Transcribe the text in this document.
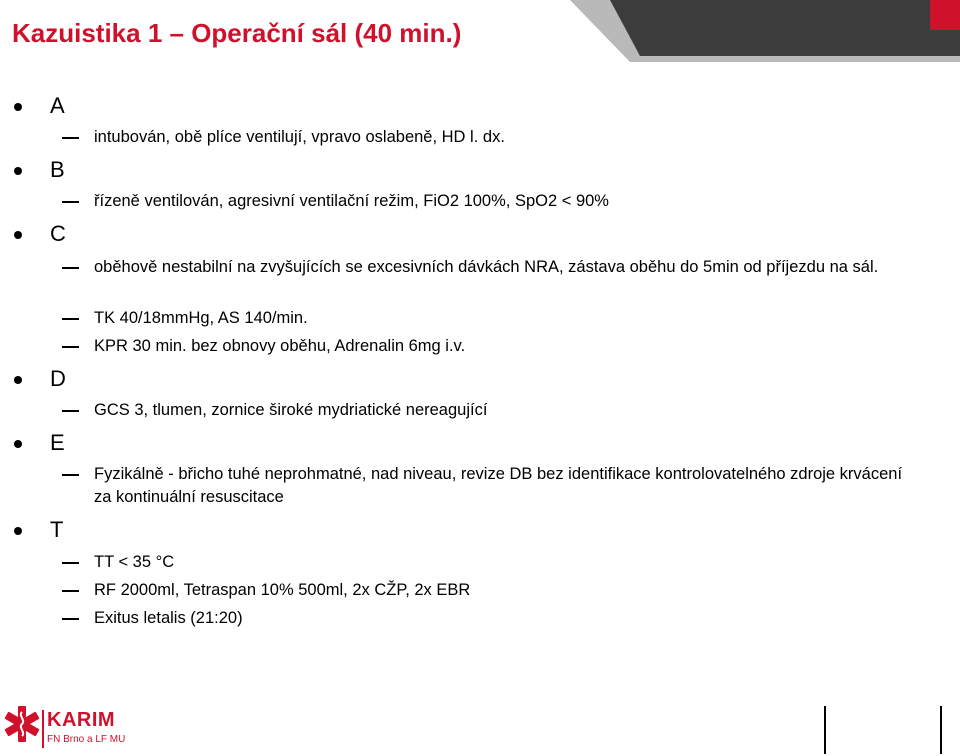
Kazuistika 1 – Operační sál (40 min.)
A
intubován, obě plíce ventilují, vpravo oslabeně, HD l. dx.
B
řízeně ventilován, agresivní ventilační režim, FiO2 100%, SpO2 < 90%
C
oběhově nestabilní na zvyšujících se excesivních dávkách NRA, zástava oběhu do 5min od příjezdu na sál.
TK 40/18mmHg, AS 140/min.
KPR 30 min. bez obnovy oběhu, Adrenalin 6mg i.v.
D
GCS 3, tlumen, zornice široké mydriatické nereagující
E
Fyzikálně - břicho tuhé neprohmatné, nad niveau, revize DB bez identifikace kontrolovatelného zdroje krvácení za kontinuální resuscitace
T
TT < 35 °C
RF 2000ml, Tetraspan 10% 500ml, 2x CŽP, 2x EBR
Exitus letalis (21:20)
KARIM
FN Brno a LF MU
